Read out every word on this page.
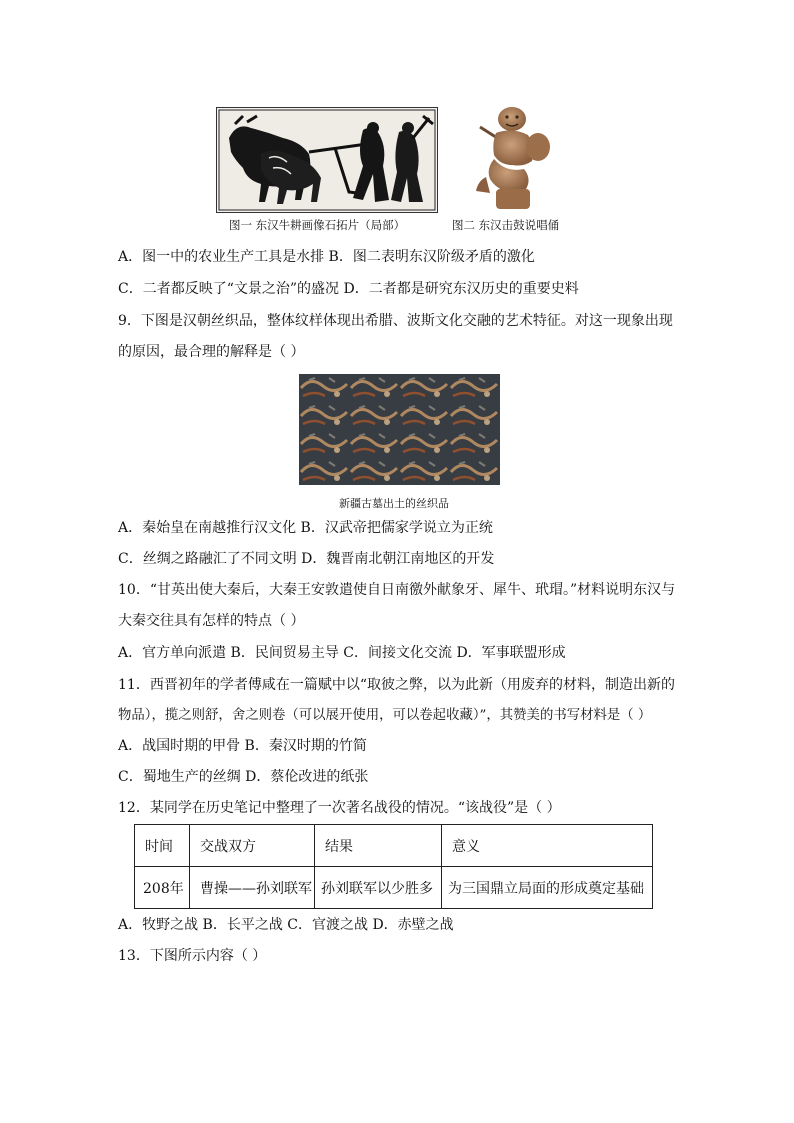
图一 东汉牛耕画像石拓片（局部）	图二 东汉击鼓说唱俑
A．图一中的农业生产工具是水排 B．图二表明东汉阶级矛盾的激化
C．二者都反映了“文景之治”的盛况 D．二者都是研究东汉历史的重要史料
9．下图是汉朝丝织品，整体纹样体现出希腊、波斯文化交融的艺术特征。对这一现象出现
的原因，最合理的解释是（ ）
新疆古墓出土的丝织品
A．秦始皇在南越推行汉文化 B．汉武帝把儒家学说立为正统
C．丝绸之路融汇了不同文明 D．魏晋南北朝江南地区的开发
10．“甘英出使大秦后，大秦王安敦遣使自日南徼外献象牙、犀牛、玳瑁。”材料说明东汉与
大秦交往具有怎样的特点（ ）
A．官方单向派遣 B．民间贸易主导 C．间接文化交流 D．军事联盟形成
11．西晋初年的学者傅咸在一篇赋中以“取彼之弊，以为此新（用废弃的材料，制造出新的
物品），揽之则舒，舍之则卷（可以展开使用，可以卷起收藏）”，其赞美的书写材料是（ ）
A．战国时期的甲骨 B．秦汉时期的竹简
C．蜀地生产的丝绸 D．蔡伦改进的纸张
12．某同学在历史笔记中整理了一次著名战役的情况。“该战役”是（ ）
时间	交战双方	结果	意义
208年	曹操——孙刘联军	孙刘联军以少胜多	为三国鼎立局面的形成奠定基础
A．牧野之战 B．长平之战 C．官渡之战 D．赤壁之战
13．下图所示内容（ ）
